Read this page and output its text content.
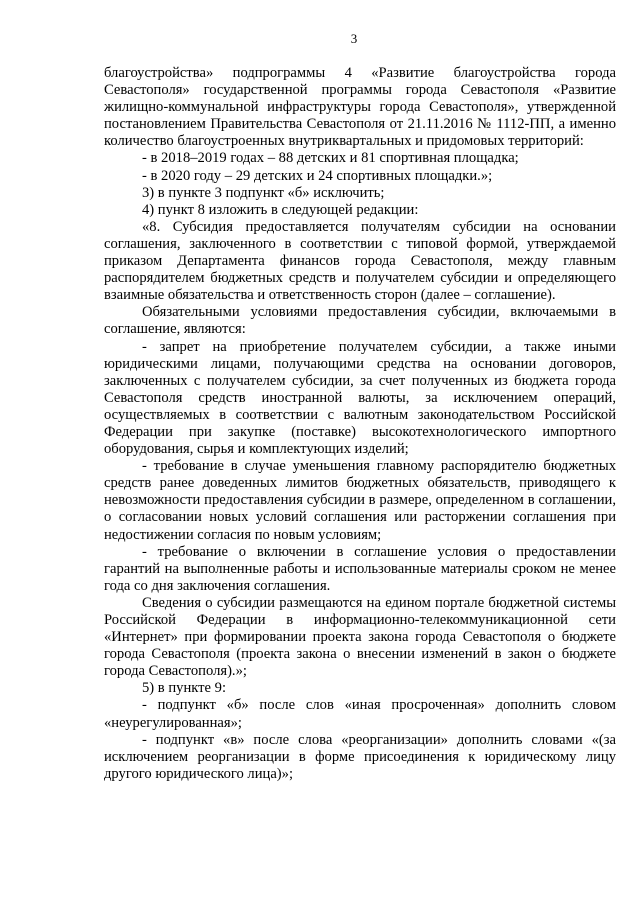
3

благоустройства» подпрограммы 4 «Развитие благоустройства города Севастополя» государственной программы города Севастополя «Развитие жилищно-коммунальной инфраструктуры города Севастополя», утвержденной постановлением Правительства Севастополя от 21.11.2016 № 1112-ПП, а именно количество благоустроенных внутриквартальных и придомовых территорий:

- в 2018–2019 годах – 88 детских и 81 спортивная площадка;

- в 2020 году – 29 детских и 24 спортивных площадки.»;

3) в пункте 3 подпункт «б» исключить;

4) пункт 8 изложить в следующей редакции:

«8. Субсидия предоставляется получателям субсидии на основании соглашения, заключенного в соответствии с типовой формой, утверждаемой приказом Департамента финансов города Севастополя, между главным распорядителем бюджетных средств и получателем субсидии и определяющего взаимные обязательства и ответственность сторон (далее – соглашение).

Обязательными условиями предоставления субсидии, включаемыми в соглашение, являются:

- запрет на приобретение получателем субсидии, а также иными юридическими лицами, получающими средства на основании договоров, заключенных с получателем субсидии, за счет полученных из бюджета города Севастополя средств иностранной валюты, за исключением операций, осуществляемых в соответствии с валютным законодательством Российской Федерации при закупке (поставке) высокотехнологического импортного оборудования, сырья и комплектующих изделий;

- требование в случае уменьшения главному распорядителю бюджетных средств ранее доведенных лимитов бюджетных обязательств, приводящего к невозможности предоставления субсидии в размере, определенном в соглашении, о согласовании новых условий соглашения или расторжении соглашения при недостижении согласия по новым условиям;

- требование о включении в соглашение условия о предоставлении гарантий на выполненные работы и использованные материалы сроком не менее года со дня заключения соглашения.

Сведения о субсидии размещаются на едином портале бюджетной системы Российской Федерации в информационно-телекоммуникационной сети «Интернет» при формировании проекта закона города Севастополя о бюджете города Севастополя (проекта закона о внесении изменений в закон о бюджете города Севастополя).»;

5) в пункте 9:

- подпункт «б» после слов «иная просроченная» дополнить словом «неурегулированная»;

- подпункт «в» после слова «реорганизации» дополнить словами «(за исключением реорганизации в форме присоединения к юридическому лицу другого юридического лица)»;
